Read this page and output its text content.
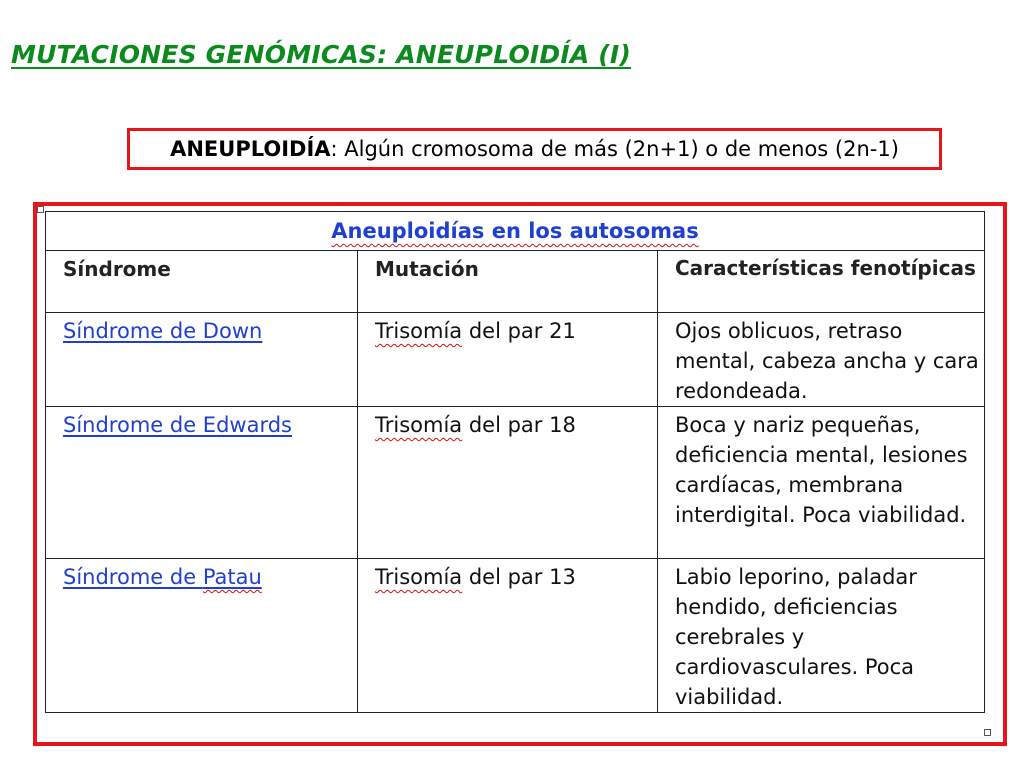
MUTACIONES GENÓMICAS: ANEUPLOIDÍA (I)
ANEUPLOIDÍA: Algún cromosoma de más (2n+1) o de menos (2n-1)
Aneuploidías en los autosomas		
Síndrome	Mutación	Características fenotípicas
Síndrome de Down	Trisomía del par 21	Ojos oblicuos, retraso mental, cabeza ancha y cara redondeada.
Síndrome de Edwards	Trisomía del par 18	Boca y nariz pequeñas, deficiencia mental, lesiones cardíacas, membrana interdigital. Poca viabilidad.
Síndrome de Patau	Trisomía del par 13	Labio leporino, paladar hendido, deficiencias cerebrales y cardiovasculares. Poca viabilidad.
